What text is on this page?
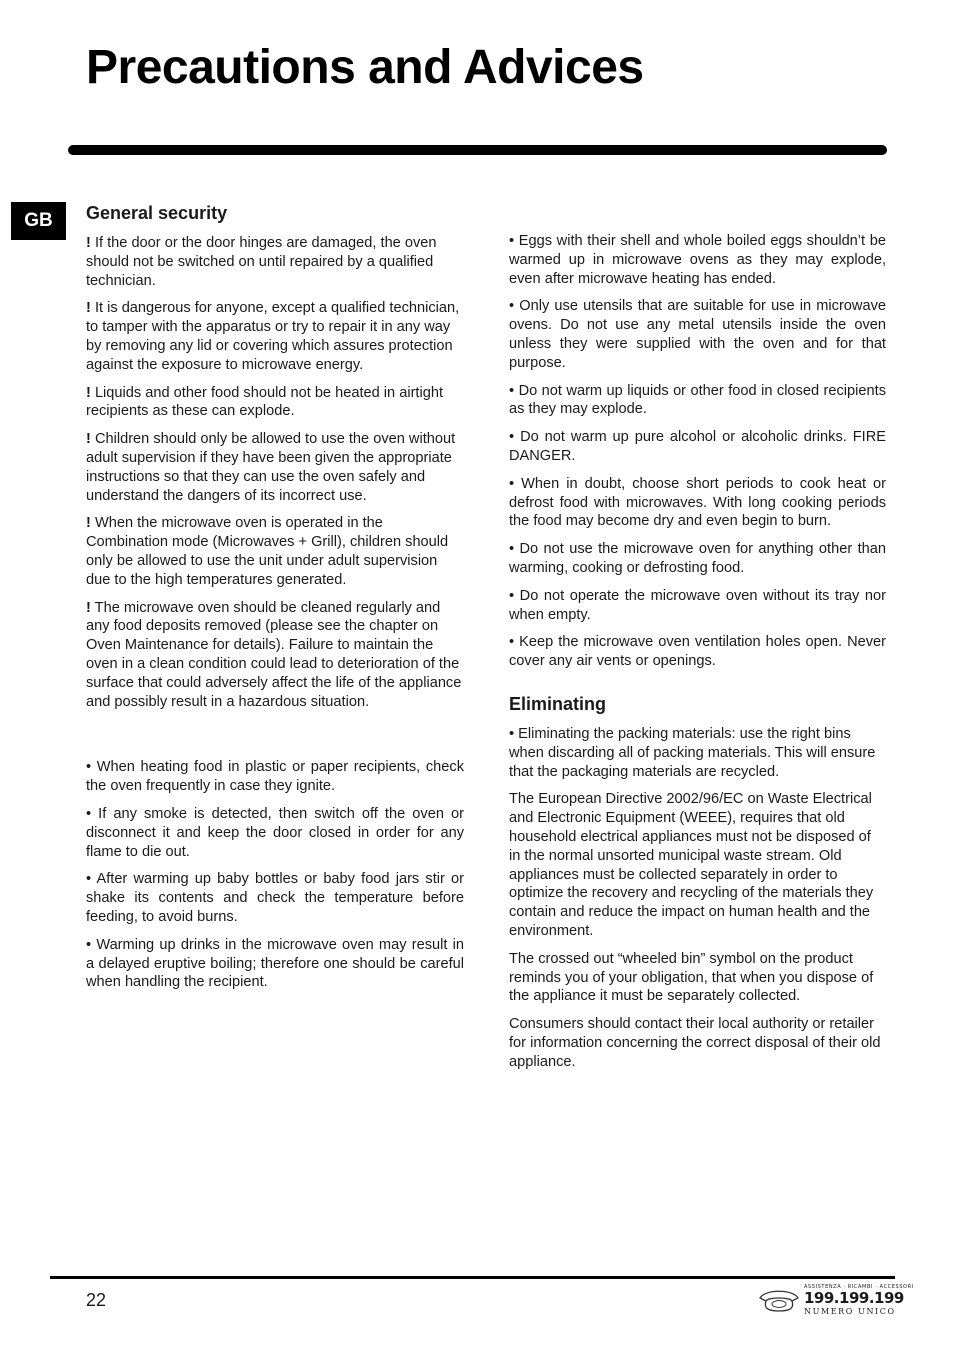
Precautions and Advices
GB	General security

! If the door or the door hinges are damaged, the oven should not be switched on until repaired by a qualified technician.

! It is dangerous for anyone, except a qualified technician, to tamper with the apparatus or try to repair it in any way by removing any lid or covering which assures protection against the exposure to microwave energy.

! Liquids and other food should not be heated in airtight recipients as these can explode.

! Children should only be allowed to use the oven without adult supervision if they have been given the appropriate instructions so that they can use the oven safely and understand the dangers of its incorrect use.

! When the microwave oven is operated in the Combination mode (Microwaves + Grill), children should only be allowed to use the unit under adult supervision due to the high temperatures generated.

! The microwave oven should be cleaned regularly and any food deposits removed (please see the chapter on Oven Maintenance for details). Failure to maintain the oven in a clean condition could lead to deterioration of the surface that could adversely affect the life of the appliance and possibly result in a hazardous situation.

• When heating food in plastic or paper recipients, check the oven frequently in case they ignite.

• If any smoke is detected, then switch off the oven or disconnect it and keep the door closed in order for any flame to die out.

• After warming up baby bottles or baby food jars stir or shake its contents and check the temperature before feeding, to avoid burns.

• Warming up drinks in the microwave oven may result in a delayed eruptive boiling; therefore one should be careful when handling the recipient.

• Eggs with their shell and whole boiled eggs shouldn’t be warmed up in microwave ovens as they may explode, even after microwave heating has ended.

• Only use utensils that are suitable for use in microwave ovens. Do not use any metal utensils inside the oven unless they were supplied with the oven and for that purpose.

• Do not warm up liquids or other food in closed recipients as they may explode.

• Do not warm up pure alcohol or alcoholic drinks. FIRE DANGER.

• When in doubt, choose short periods to cook heat or defrost food with microwaves. With long cooking periods the food may become dry and even begin to burn.

• Do not use the microwave oven for anything other than warming, cooking or defrosting food.

• Do not operate the microwave oven without its tray nor when empty.

• Keep the microwave oven ventilation holes open. Never cover any air vents or openings.

Eliminating

• Eliminating the packing materials: use the right bins when discarding all of packing materials. This will ensure that the packaging materials are recycled.

The European Directive 2002/96/EC on Waste Electrical and Electronic Equipment (WEEE), requires that old household electrical appliances must not be disposed of in the normal unsorted municipal waste stream. Old appliances must be collected separately in order to optimize the recovery and recycling of the materials they contain and reduce the impact on human health and the environment.

The crossed out “wheeled bin” symbol on the product reminds you of your obligation, that when you dispose of the appliance it must be separately collected.

Consumers should contact their local authority or retailer for information concerning the correct disposal of their old appliance.

22
ASSISTENZA · RICAMBI · ACCESSORI
199.199.199
NUMERO UNICO
